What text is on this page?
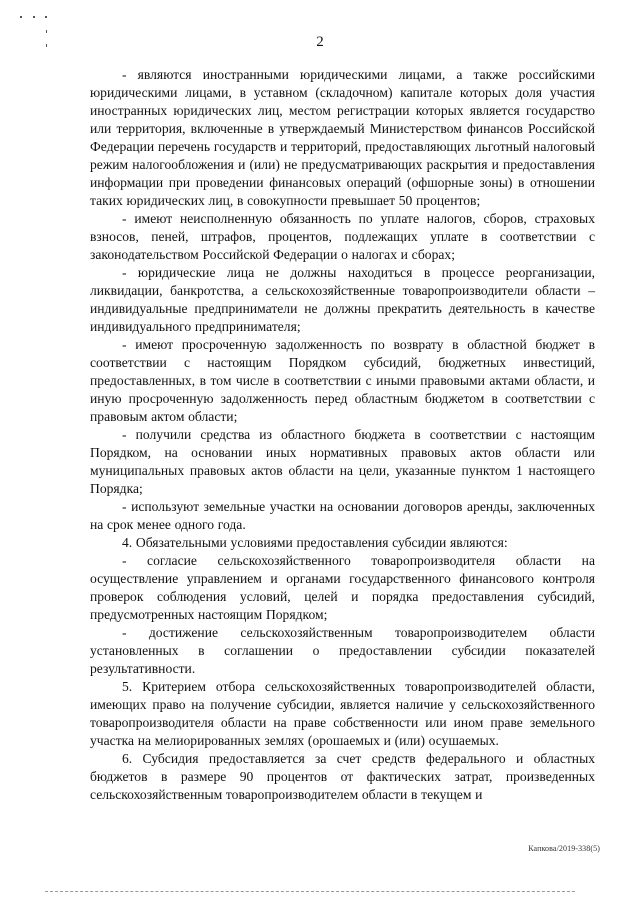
2

- являются иностранными юридическими лицами, а также российскими юридическими лицами, в уставном (складочном) капитале которых доля участия иностранных юридических лиц, местом регистрации которых является государство или территория, включенные в утверждаемый Министерством финансов Российской Федерации перечень государств и территорий, предоставляющих льготный налоговый режим налогообложения и (или) не предусматривающих раскрытия и предоставления информации при проведении финансовых операций (офшорные зоны) в отношении таких юридических лиц, в совокупности превышает 50 процентов;

- имеют неисполненную обязанность по уплате налогов, сборов, страховых взносов, пеней, штрафов, процентов, подлежащих уплате в соответствии с законодательством Российской Федерации о налогах и сборах;

- юридические лица не должны находиться в процессе реорганизации, ликвидации, банкротства, а сельскохозяйственные товаропроизводители области – индивидуальные предприниматели не должны прекратить деятельность в качестве индивидуального предпринимателя;

- имеют просроченную задолженность по возврату в областной бюджет в соответствии с настоящим Порядком субсидий, бюджетных инвестиций, предоставленных, в том числе в соответствии с иными правовыми актами области, и иную просроченную задолженность перед областным бюджетом в соответствии с правовым актом области;

- получили средства из областного бюджета в соответствии с настоящим Порядком, на основании иных нормативных правовых актов области или муниципальных правовых актов области на цели, указанные пунктом 1 настоящего Порядка;

- используют земельные участки на основании договоров аренды, заключенных на срок менее одного года.

4. Обязательными условиями предоставления субсидии являются:

- согласие сельскохозяйственного товаропроизводителя области на осуществление управлением и органами государственного финансового контроля проверок соблюдения условий, целей и порядка предоставления субсидий, предусмотренных настоящим Порядком;

- достижение сельскохозяйственным товаропроизводителем области установленных в соглашении о предоставлении субсидии показателей результативности.

5. Критерием отбора сельскохозяйственных товаропроизводителей области, имеющих право на получение субсидии, является наличие у сельскохозяйственного товаропроизводителя области на праве собственности или ином праве земельного участка на мелиорированных землях (орошаемых и (или) осушаемых.

6. Субсидия предоставляется за счет средств федерального и областных бюджетов в размере 90 процентов от фактических затрат, произведенных сельскохозяйственным товаропроизводителем области в текущем и

Капкова/2019-338(5)
